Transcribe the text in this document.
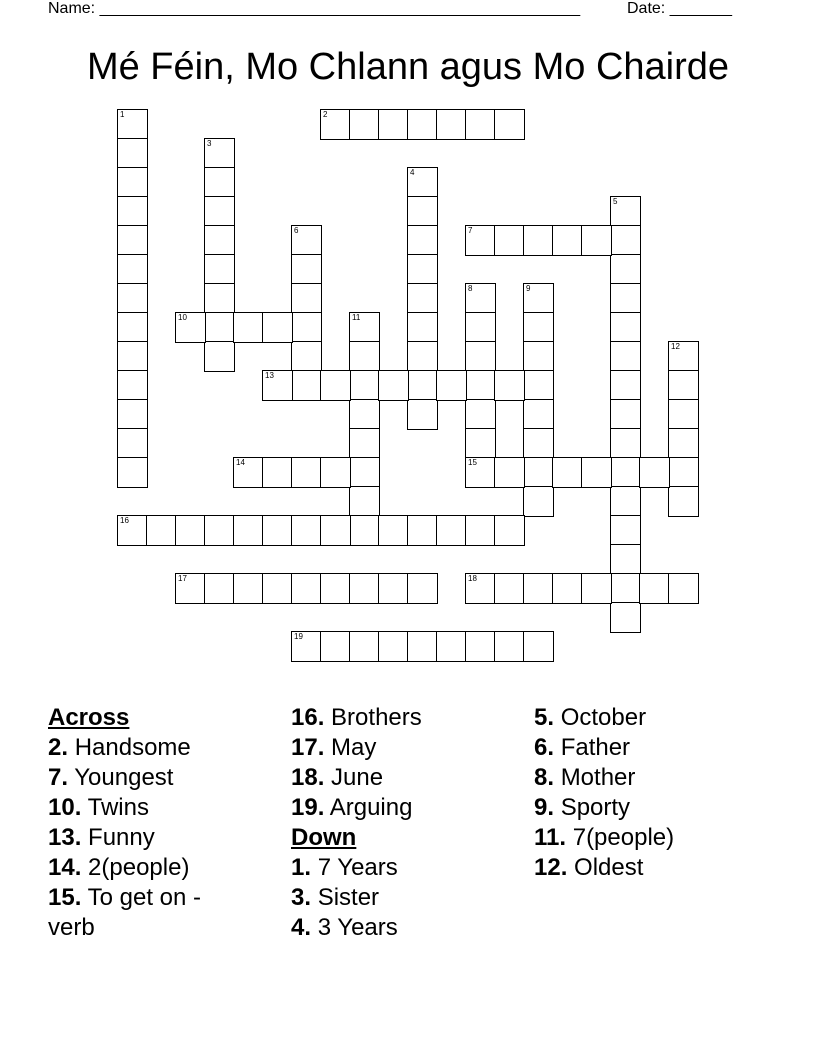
Name: ______________________________________________________	Date: _______
Mé Féin, Mo Chlann agus Mo Chairde
1	2
3
4
5
6	7
8
15
9
10	11
12
13
14
16
17	18
19
Across
2. Handsome
7. Youngest
10. Twins
13. Funny
14. 2(people)
15. To get on - verb
16. Brothers
17. May
18. June
19. Arguing
Down
1. 7 Years
3. Sister
4. 3 Years
5. October
6. Father
8. Mother
9. Sporty
11. 7(people)
12. Oldest
